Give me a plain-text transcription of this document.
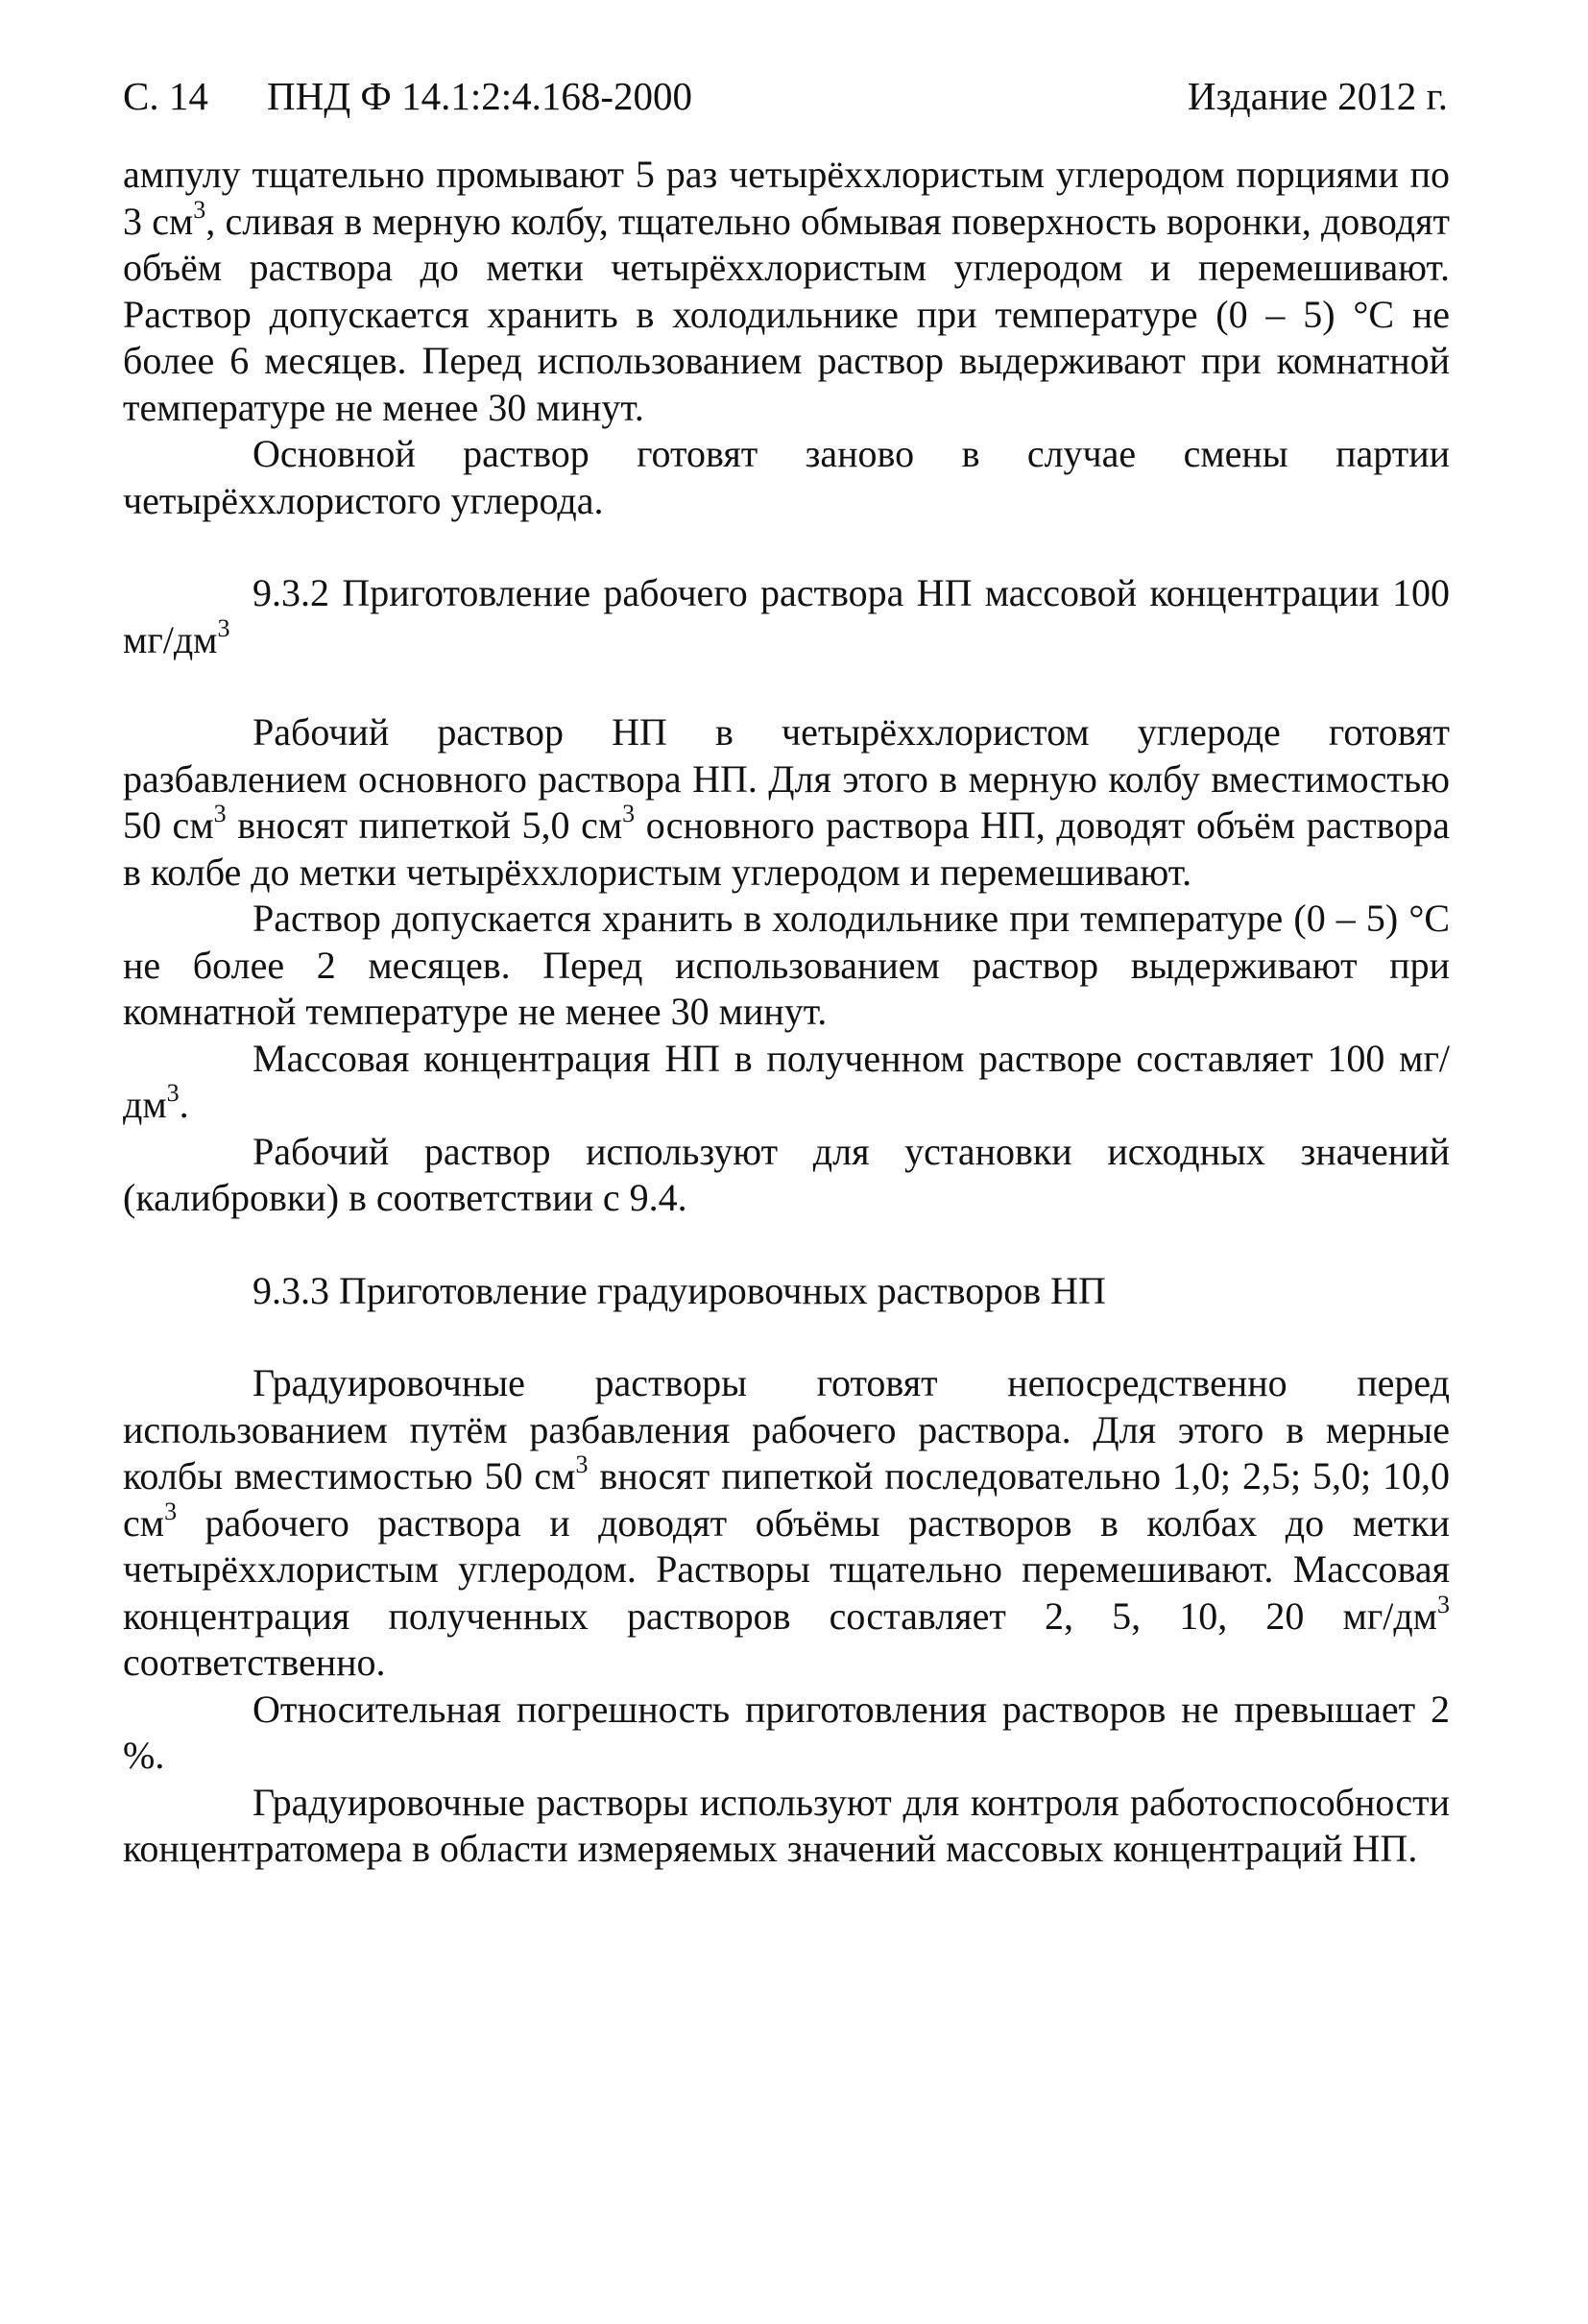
С. 14 ПНД Ф 14.1:2:4.168-2000	Издание 2012 г.

ампулу тщательно промывают 5 раз четырёххлористым углеродом порциями по 3 $см^3$, сливая в мерную колбу, тщательно обмывая поверхность воронки, доводят объём раствора до метки четырёххлористым углеродом и перемешивают. Раствор допускается хранить в холодильнике при температуре (0 – 5) °С не более 6 месяцев. Перед использованием раствор выдерживают при комнатной температуре не менее 30 минут.

Основной раствор готовят заново в случае смены партии четырёххлористого углерода.

9.3.2 Приготовление рабочего раствора НП массовой концентрации 100 $мг/дм^3$

Рабочий раствор НП в четырёххлористом углероде готовят разбавлением основного раствора НП. Для этого в мерную колбу вместимостью 50 $см^3$ вносят пипеткой 5,0 $см^3$ основного раствора НП, доводят объём раствора в колбе до метки четырёххлористым углеродом и перемешивают.

Раствор допускается хранить в холодильнике при температуре (0 – 5) °С не более 2 месяцев. Перед использованием раствор выдерживают при комнатной температуре не менее 30 минут.

Массовая концентрация НП в полученном растворе составляет 100 $мг/дм^3$.

Рабочий раствор используют для установки исходных значений (калибровки) в соответствии с 9.4.

9.3.3 Приготовление градуировочных растворов НП

Градуировочные растворы готовят непосредственно перед использованием путём разбавления рабочего раствора. Для этого в мерные колбы вместимостью 50 $см^3$ вносят пипеткой последовательно 1,0; 2,5; 5,0; 10,0 $см^3$ рабочего раствора и доводят объёмы растворов в колбах до метки четырёххлористым углеродом. Растворы тщательно перемешивают. Массовая концентрация полученных растворов составляет 2, 5, 10, 20 $мг/дм^3$ соответственно.

Относительная погрешность приготовления растворов не превышает 2 %.

Градуировочные растворы используют для контроля работоспособности концентратомера в области измеряемых значений массовых концентраций НП.
